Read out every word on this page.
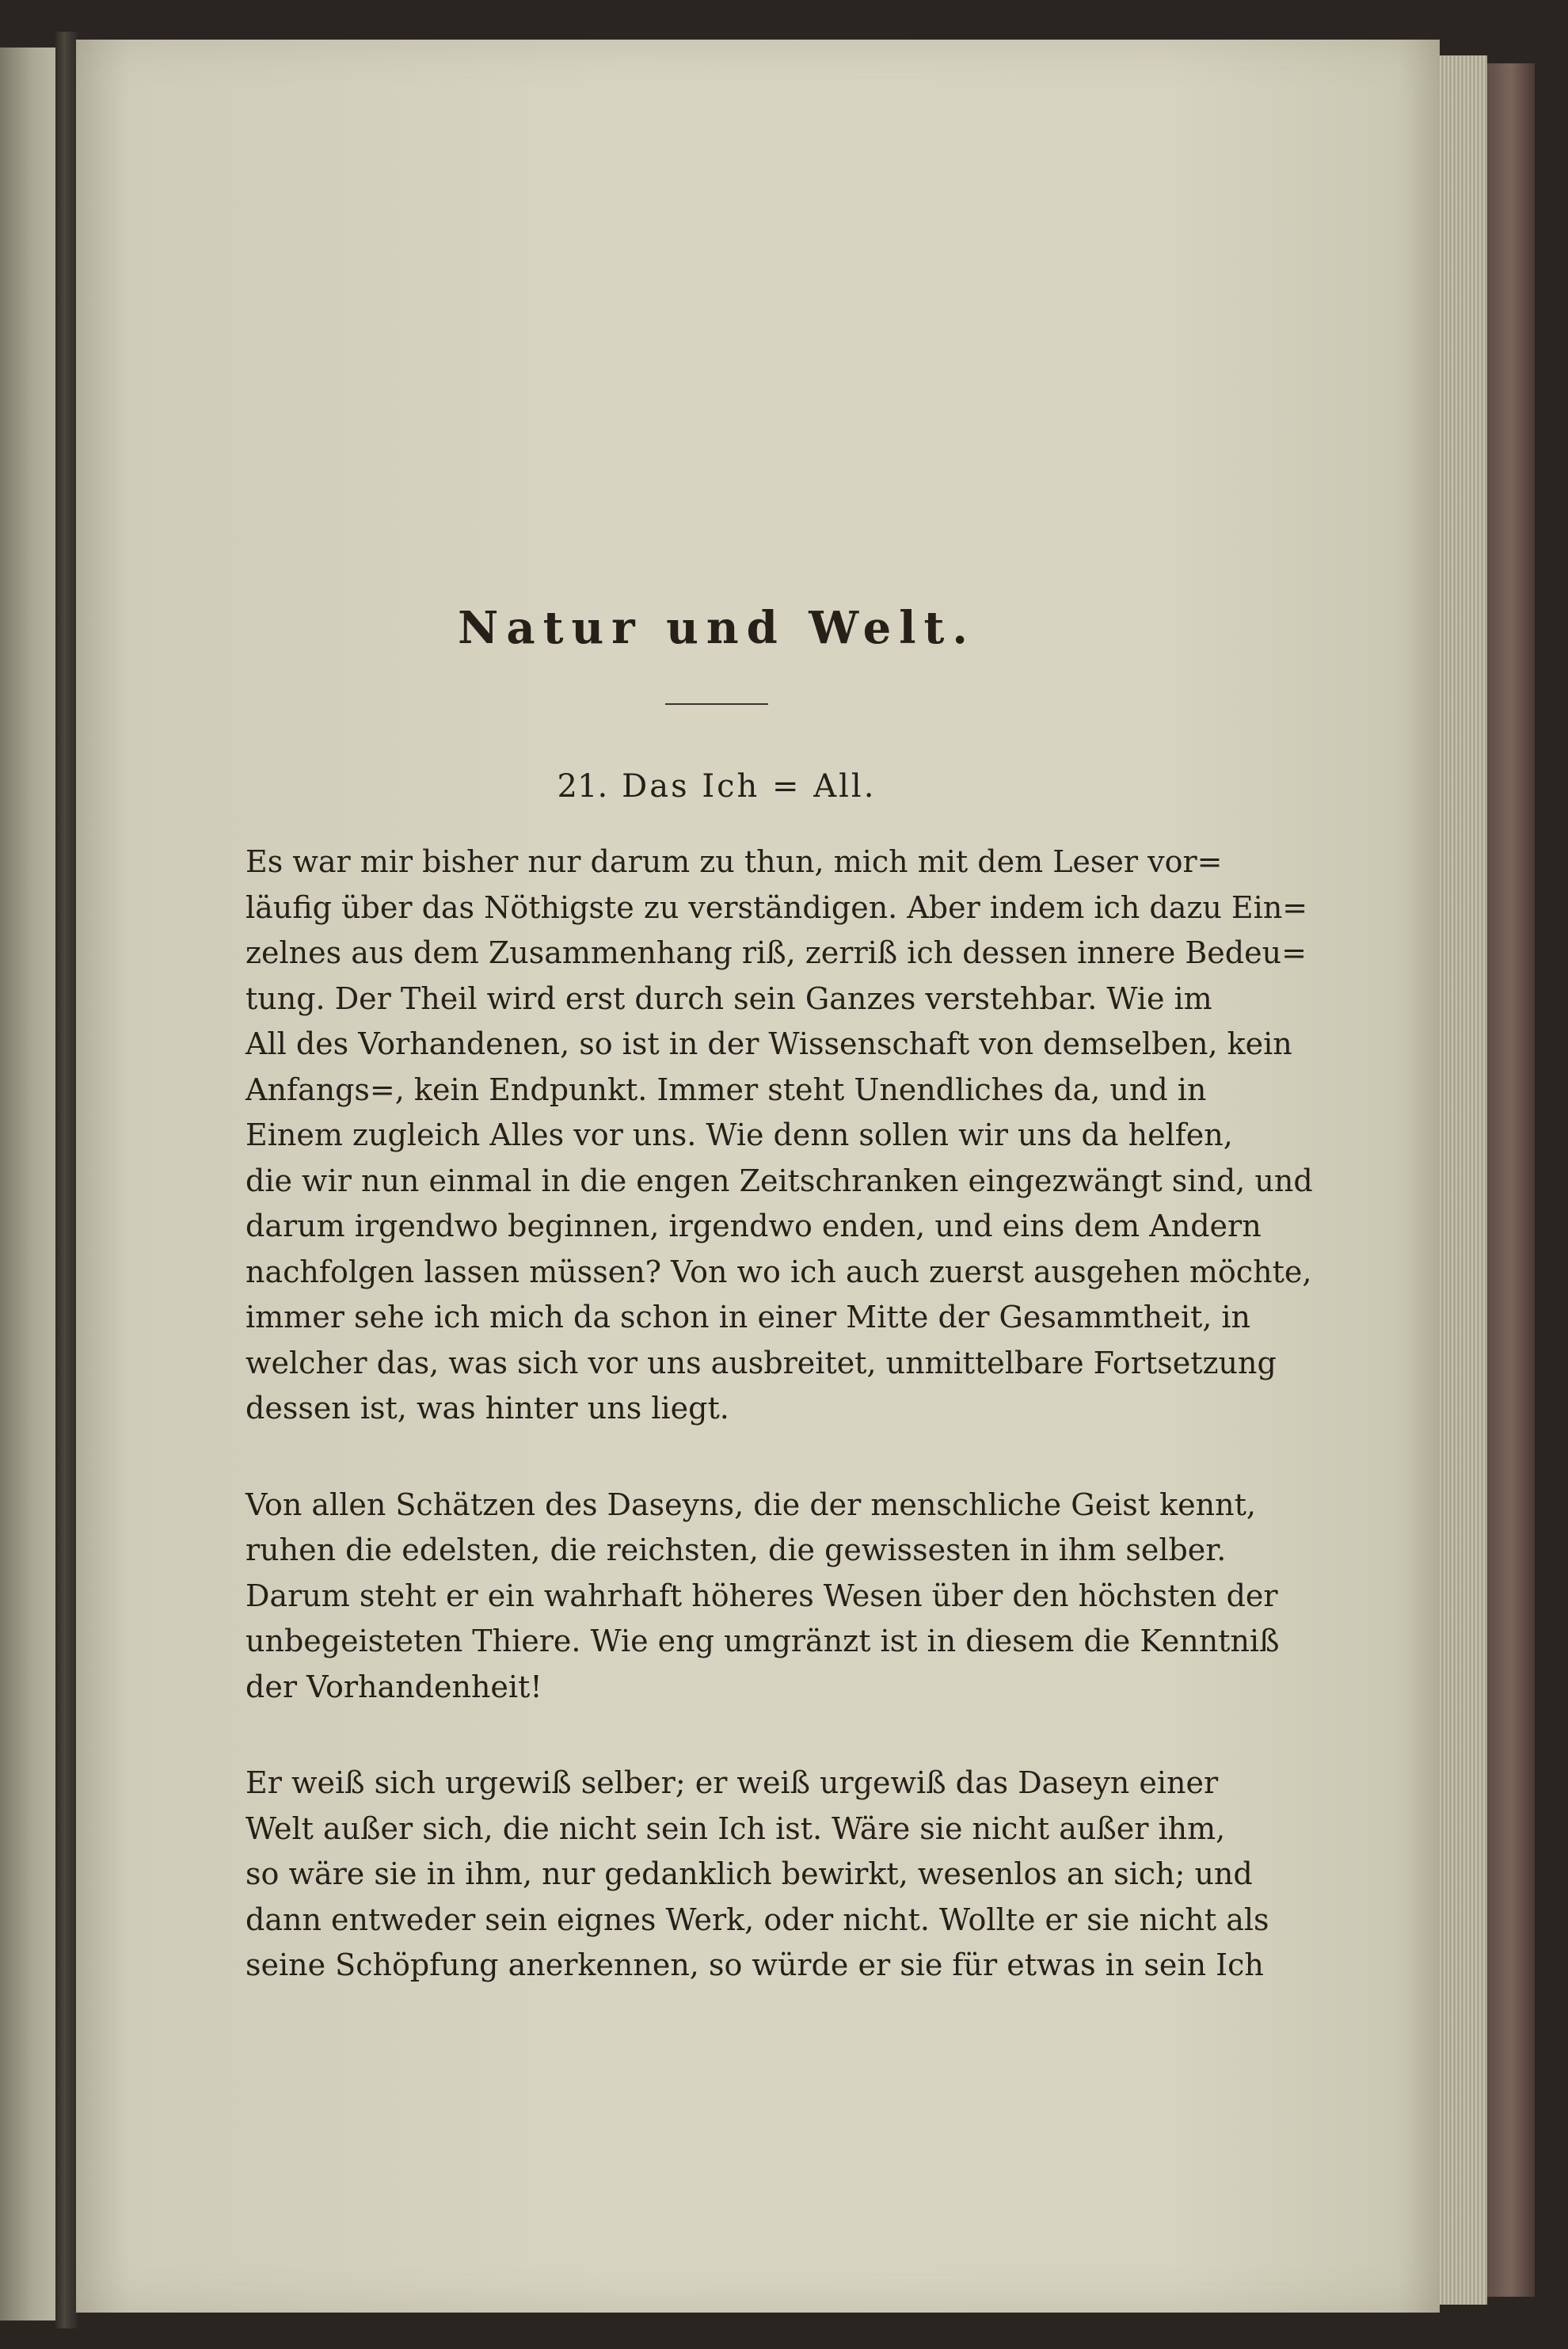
Natur und Welt.
21. Das Ich = All.

Es war mir bisher nur darum zu thun, mich mit dem Leser vor=
läufig über das Nöthigste zu verständigen. Aber indem ich dazu Ein=
zelnes aus dem Zusammenhang riß, zerriß ich dessen innere Bedeu=
tung. Der Theil wird erst durch sein Ganzes verstehbar. Wie im
All des Vorhandenen, so ist in der Wissenschaft von demselben, kein
Anfangs=, kein Endpunkt. Immer steht Unendliches da, und in
Einem zugleich Alles vor uns. Wie denn sollen wir uns da helfen,
die wir nun einmal in die engen Zeitschranken eingezwängt sind, und
darum irgendwo beginnen, irgendwo enden, und eins dem Andern
nachfolgen lassen müssen? Von wo ich auch zuerst ausgehen möchte,
immer sehe ich mich da schon in einer Mitte der Gesammtheit, in
welcher das, was sich vor uns ausbreitet, unmittelbare Fortsetzung
dessen ist, was hinter uns liegt.

Von allen Schätzen des Daseyns, die der menschliche Geist kennt,
ruhen die edelsten, die reichsten, die gewissesten in ihm selber.
Darum steht er ein wahrhaft höheres Wesen über den höchsten der
unbegeisteten Thiere. Wie eng umgränzt ist in diesem die Kenntniß
der Vorhandenheit!

Er weiß sich urgewiß selber; er weiß urgewiß das Daseyn einer
Welt außer sich, die nicht sein Ich ist. Wäre sie nicht außer ihm,
so wäre sie in ihm, nur gedanklich bewirkt, wesenlos an sich; und
dann entweder sein eignes Werk, oder nicht. Wollte er sie nicht als
seine Schöpfung anerkennen, so würde er sie für etwas in sein Ich
